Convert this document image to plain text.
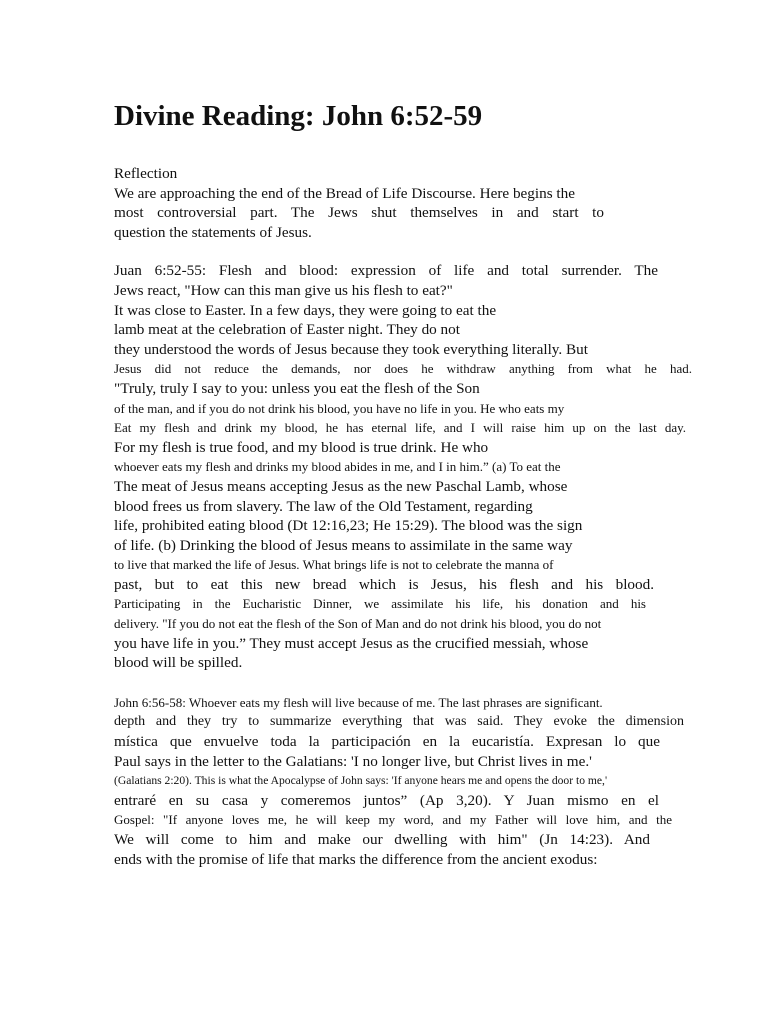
Divine Reading: John 6:52-59
Reflection
We are approaching the end of the Bread of Life Discourse. Here begins the
most controversial part. The Jews shut themselves in and start to
question the statements of Jesus.
Juan 6:52-55: Flesh and blood: expression of life and total surrender. The
Jews react, "How can this man give us his flesh to eat?"
It was close to Easter. In a few days, they were going to eat the
lamb meat at the celebration of Easter night. They do not
they understood the words of Jesus because they took everything literally. But
Jesus did not reduce the demands, nor does he withdraw anything from what he had.
"Truly, truly I say to you: unless you eat the flesh of the Son
of the man, and if you do not drink his blood, you have no life in you. He who eats my
Eat my flesh and drink my blood, he has eternal life, and I will raise him up on the last day.
For my flesh is true food, and my blood is true drink. He who
whoever eats my flesh and drinks my blood abides in me, and I in him.” (a) To eat the
The meat of Jesus means accepting Jesus as the new Paschal Lamb, whose
blood frees us from slavery. The law of the Old Testament, regarding
life, prohibited eating blood (Dt 12:16,23; He 15:29). The blood was the sign
of life. (b) Drinking the blood of Jesus means to assimilate in the same way
to live that marked the life of Jesus. What brings life is not to celebrate the manna of
past, but to eat this new bread which is Jesus, his flesh and his blood.
Participating in the Eucharistic Dinner, we assimilate his life, his donation and his
delivery. "If you do not eat the flesh of the Son of Man and do not drink his blood, you do not
you have life in you.” They must accept Jesus as the crucified messiah, whose
blood will be spilled.
John 6:56-58: Whoever eats my flesh will live because of me. The last phrases are significant.
depth and they try to summarize everything that was said. They evoke the dimension
mística que envuelve toda la participación en la eucaristía. Expresan lo que
Paul says in the letter to the Galatians: 'I no longer live, but Christ lives in me.'
(Galatians 2:20). This is what the Apocalypse of John says: 'If anyone hears me and opens the door to me,'
entraré en su casa y comeremos juntos” (Ap 3,20). Y Juan mismo en el
Gospel: "If anyone loves me, he will keep my word, and my Father will love him, and the
We will come to him and make our dwelling with him" (Jn 14:23). And
ends with the promise of life that marks the difference from the ancient exodus:
